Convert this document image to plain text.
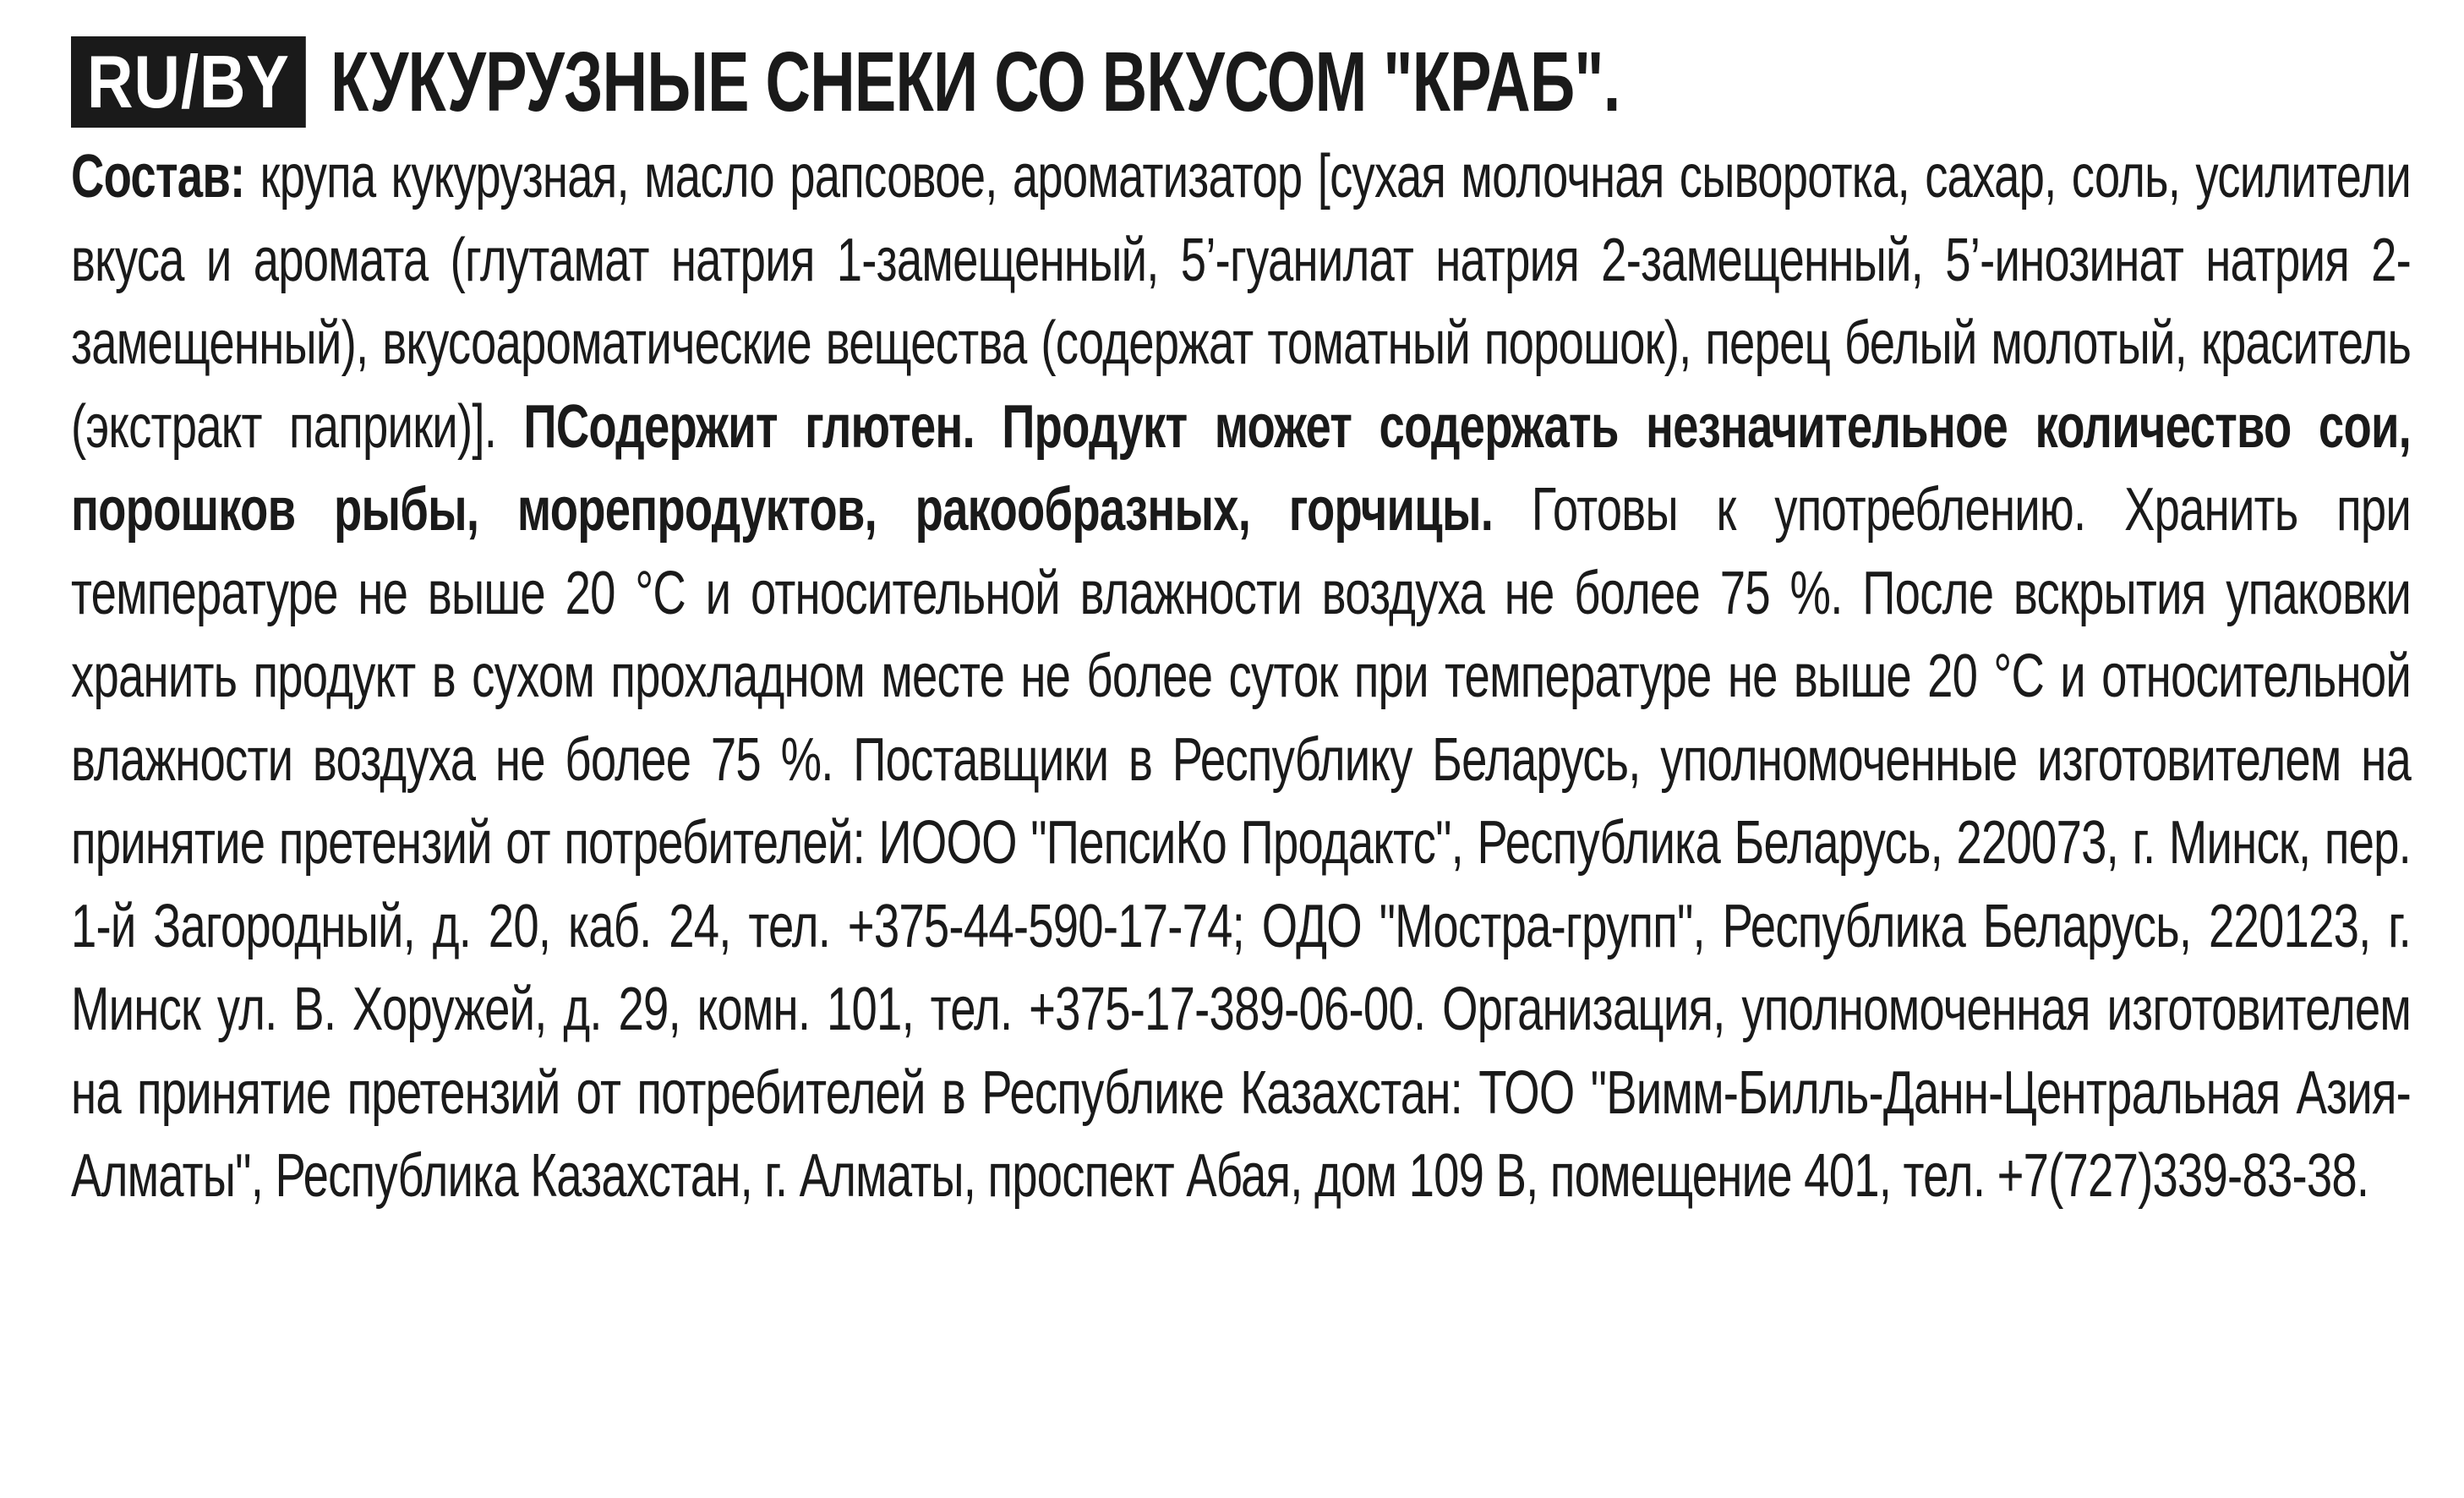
RU/BY КУКУРУЗНЫЕ СНЕКИ СО ВКУСОМ "КРАБ".
Состав: крупа кукурузная, масло рапсовое, ароматизатор [сухая молочная сыворотка, сахар, соль, усилители вкуса и аромата (глутамат натрия 1-замещенный, 5’-гуанилат натрия 2-замещенный, 5’-инозинат натрия 2-замещенный), вкусоароматические вещества (содержат томатный порошок), перец белый молотый, краситель (экстракт паприки)]. ПСодержит глютен. Продукт может содержать незначительное количество сои, порошков рыбы, морепродуктов, ракообразных, горчицы. Готовы к употреблению. Хранить при температуре не выше 20 °С и относительной влажности воздуха не более 75 %. После вскрытия упаковки хранить продукт в сухом прохладном месте не более суток при температуре не выше 20 °С и относительной влажности воздуха не более 75 %. Поставщики в Республику Беларусь, уполномоченные изготовителем на принятие претензий от потребителей: ИООО "ПепсиКо Продактс", Республика Беларусь, 220073, г. Минск, пер. 1-й Загородный, д. 20, каб. 24, тел. +375-44-590-17-74; ОДО "Мостра-групп", Республика Беларусь, 220123, г. Минск ул. В. Хоружей, д. 29, комн. 101, тел. +375-17-389-06-00. Организация, уполномоченная изготовителем на принятие претензий от потребителей в Республике Казахстан: ТОО "Вимм-Билль-Данн-Центральная Азия-Алматы", Республика Казахстан, г. Алматы, проспект Абая, дом 109 В, помещение 401, тел. +7(727)339-83-38.
